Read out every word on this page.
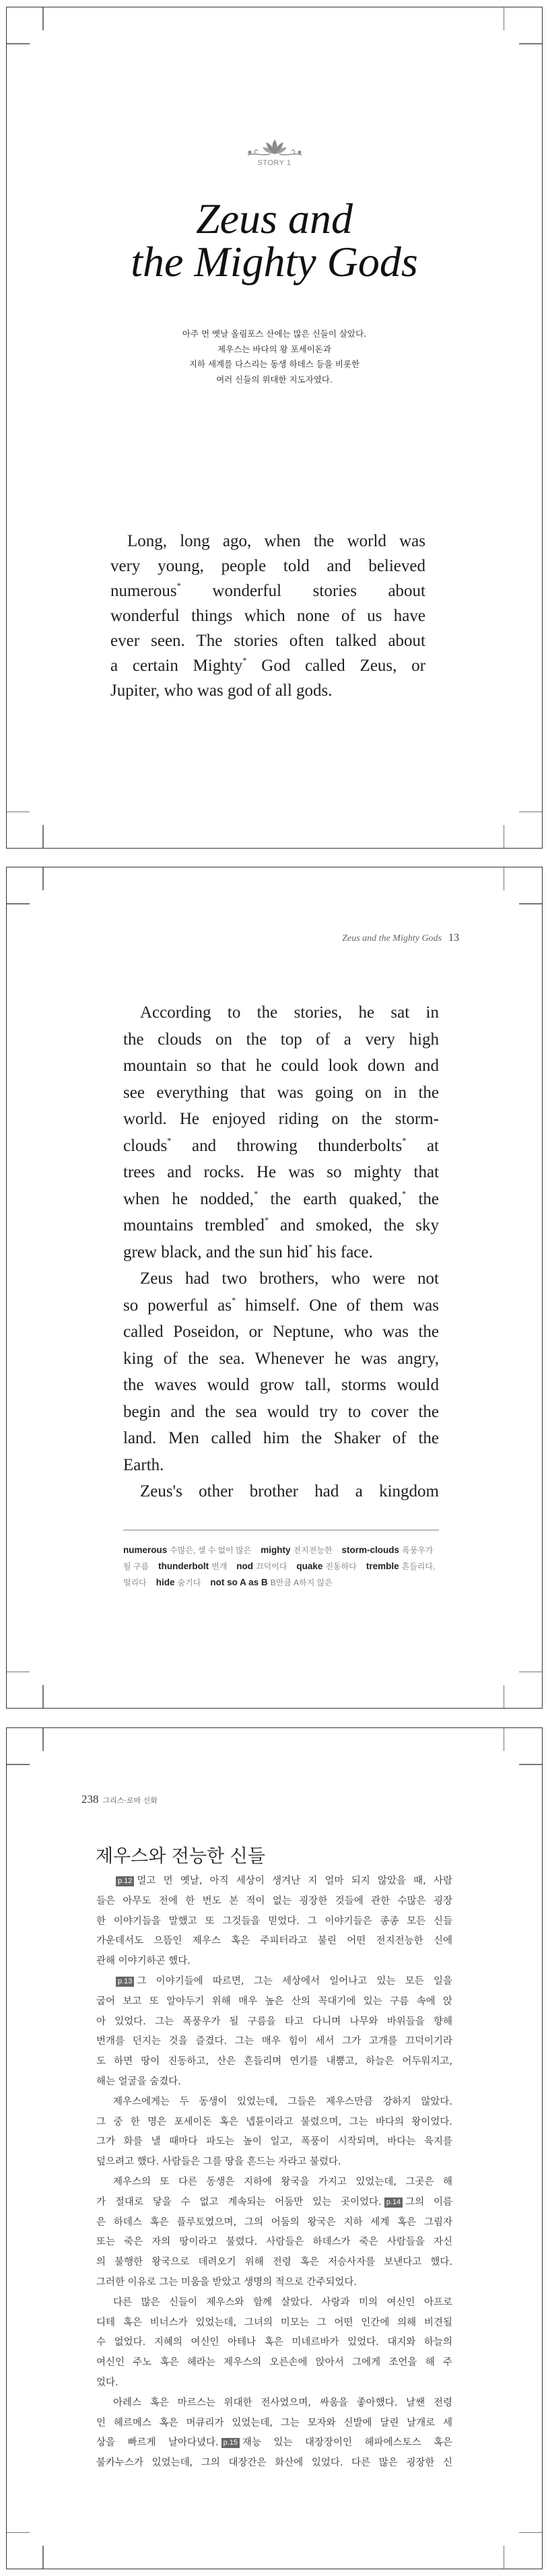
STORY 1
Zeus and
the Mighty Gods
아주 먼 옛날 올림포스 산에는 많은 신들이 살았다.
제우스는 바다의 왕 포세이돈과
지하 세계를 다스리는 동생 하데스 등을 비롯한
여러 신들의 위대한 지도자였다.
Long, long ago, when the world was
very young, people told and believed
numerous* wonderful stories about
wonderful things which none of us have
ever seen. The stories often talked about
a certain Mighty* God called Zeus, or
Jupiter, who was god of all gods.
Zeus and the Mighty Gods 13
According to the stories, he sat in
the clouds on the top of a very high
mountain so that he could look down and
see everything that was going on in the
world. He enjoyed riding on the storm-
clouds* and throwing thunderbolts* at
trees and rocks. He was so mighty that
when he nodded,* the earth quaked,* the
mountains trembled* and smoked, the sky
grew black, and the sun hid* his face.
Zeus had two brothers, who were not
so powerful as* himself. One of them was
called Poseidon, or Neptune, who was the
king of the sea. Whenever he was angry,
the waves would grow tall, storms would
begin and the sea would try to cover the
land. Men called him the Shaker of the
Earth.
Zeus's other brother had a kingdom
numerous 수많은, 셀 수 없이 많은 mighty 전지전능한 storm-clouds 폭풍우가 될 구름 thunderbolt 번개 nod 끄덕이다 quake 진동하다 tremble 흔들리다, 떨리다 hide 숨기다 not so A as B B만큼 A하지 않은
238 그리스·로마 신화
제우스와 전능한 신들
p.12 멀고 먼 옛날, 아직 세상이 생겨난 지 얼마 되지 않았을 때, 사람
들은 아무도 전에 한 번도 본 적이 없는 굉장한 것들에 관한 수많은 굉장
한 이야기들을 말했고 또 그것들을 믿었다. 그 이야기들은 종종 모든 신들
가운데서도 으뜸인 제우스 혹은 주피터라고 불린 어떤 전지전능한 신에
관해 이야기하곤 했다.
p.13 그 이야기들에 따르면, 그는 세상에서 일어나고 있는 모든 일을
굽어 보고 또 알아두기 위해 매우 높은 산의 꼭대기에 있는 구름 속에 앉
아 있었다. 그는 폭풍우가 될 구름을 타고 다니며 나무와 바위들을 향해
번개를 던지는 것을 즐겼다. 그는 매우 힘이 세서 그가 고개를 끄덕이기라
도 하면 땅이 진동하고, 산은 흔들리며 연기를 내뿜고, 하늘은 어두워지고,
해는 얼굴을 숨겼다.
제우스에게는 두 동생이 있었는데, 그들은 제우스만큼 강하지 않았다.
그 중 한 명은 포세이돈 혹은 넵튠이라고 불렸으며, 그는 바다의 왕이었다.
그가 화를 낼 때마다 파도는 높이 일고, 폭풍이 시작되며, 바다는 육지를
덮으려고 했다. 사람들은 그를 땅을 흔드는 자라고 불렀다.
제우스의 또 다른 동생은 지하에 왕국을 가지고 있었는데, 그곳은 해
가 절대로 닿을 수 없고 계속되는 어둠만 있는 곳이었다. p.14 그의 이름
은 하데스 혹은 플루토였으며, 그의 어둠의 왕국은 지하 세계 혹은 그림자
또는 죽은 자의 땅이라고 불렸다. 사람들은 하데스가 죽은 사람들을 자신
의 불행한 왕국으로 데려오기 위해 전령 혹은 저승사자를 보낸다고 했다.
그러한 이유로 그는 미움을 받았고 생명의 적으로 간주되었다.
다른 많은 신들이 제우스와 함께 살았다. 사랑과 미의 여신인 아프로
디테 혹은 비너스가 있었는데, 그녀의 미모는 그 어떤 인간에 의해 비견될
수 없었다. 지혜의 여신인 아테나 혹은 미네르바가 있었다. 대지와 하늘의
여신인 주노 혹은 헤라는 제우스의 오른손에 앉아서 그에게 조언을 해 주
었다.
아레스 혹은 마르스는 위대한 전사였으며, 싸움을 좋아했다. 날쌘 전령
인 헤르메스 혹은 머큐리가 있었는데, 그는 모자와 신발에 달린 날개로 세
상을 빠르게 날아다녔다. p.15 재능 있는 대장장이인 헤파에스토스 혹은
불카누스가 있었는데, 그의 대장간은 화산에 있었다. 다른 많은 굉장한 신
